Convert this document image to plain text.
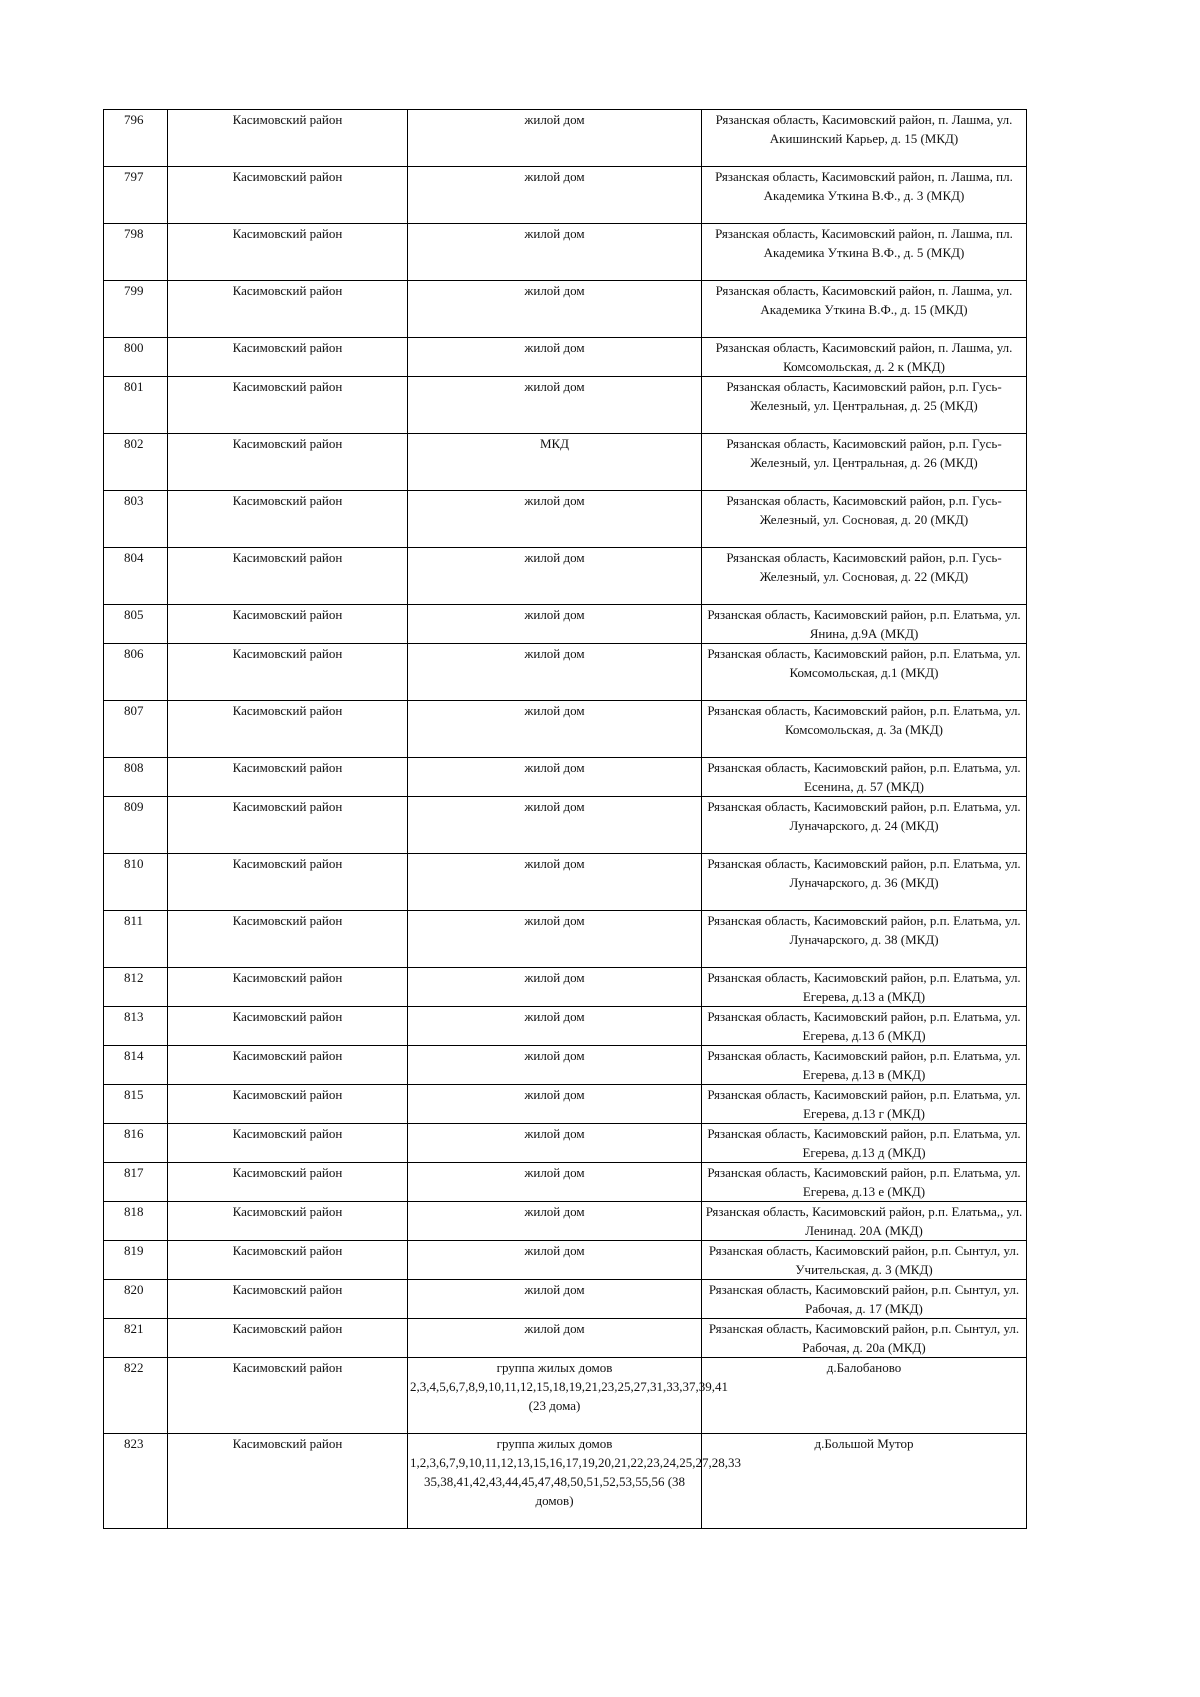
796	Касимовский район	жилой дом	Рязанская область, Касимовский район, п. Лашма, ул. Акишинский Карьер, д. 15 (МКД)
797	Касимовский район	жилой дом	Рязанская область, Касимовский район, п. Лашма, пл. Академика Уткина В.Ф., д. 3 (МКД)
798	Касимовский район	жилой дом	Рязанская область, Касимовский район, п. Лашма, пл. Академика Уткина В.Ф., д. 5 (МКД)
799	Касимовский район	жилой дом	Рязанская область, Касимовский район, п. Лашма, ул. Академика Уткина В.Ф., д. 15 (МКД)
800	Касимовский район	жилой дом	Рязанская область, Касимовский район, п. Лашма, ул. Комсомольская, д. 2 к (МКД)
801	Касимовский район	жилой дом	Рязанская область, Касимовский район, р.п. Гусь-Железный, ул. Центральная, д. 25 (МКД)
802	Касимовский район	МКД	Рязанская область, Касимовский район, р.п. Гусь-Железный, ул. Центральная, д. 26 (МКД)
803	Касимовский район	жилой дом	Рязанская область, Касимовский район, р.п. Гусь-Железный, ул. Сосновая, д. 20 (МКД)
804	Касимовский район	жилой дом	Рязанская область, Касимовский район, р.п. Гусь-Железный, ул. Сосновая, д. 22 (МКД)
805	Касимовский район	жилой дом	Рязанская область, Касимовский район, р.п. Елатьма, ул. Янина, д.9А (МКД)
806	Касимовский район	жилой дом	Рязанская область, Касимовский район, р.п. Елатьма, ул. Комсомольская, д.1 (МКД)
807	Касимовский район	жилой дом	Рязанская область, Касимовский район, р.п. Елатьма, ул. Комсомольская, д. 3а (МКД)
808	Касимовский район	жилой дом	Рязанская область, Касимовский район, р.п. Елатьма, ул. Есенина, д. 57 (МКД)
809	Касимовский район	жилой дом	Рязанская область, Касимовский район, р.п. Елатьма, ул. Луначарского, д. 24 (МКД)
810	Касимовский район	жилой дом	Рязанская область, Касимовский район, р.п. Елатьма, ул. Луначарского, д. 36 (МКД)
811	Касимовский район	жилой дом	Рязанская область, Касимовский район, р.п. Елатьма, ул. Луначарского, д. 38 (МКД)
812	Касимовский район	жилой дом	Рязанская область, Касимовский район, р.п. Елатьма, ул. Егерева, д.13 а (МКД)
813	Касимовский район	жилой дом	Рязанская область, Касимовский район, р.п. Елатьма, ул. Егерева, д.13 б (МКД)
814	Касимовский район	жилой дом	Рязанская область, Касимовский район, р.п. Елатьма, ул. Егерева, д.13 в (МКД)
815	Касимовский район	жилой дом	Рязанская область, Касимовский район, р.п. Елатьма, ул. Егерева, д.13 г (МКД)
816	Касимовский район	жилой дом	Рязанская область, Касимовский район, р.п. Елатьма, ул. Егерева, д.13 д (МКД)
817	Касимовский район	жилой дом	Рязанская область, Касимовский район, р.п. Елатьма, ул. Егерева, д.13 е (МКД)
818	Касимовский район	жилой дом	Рязанская область, Касимовский район, р.п. Елатьма,, ул. Ленинад. 20А (МКД)
819	Касимовский район	жилой дом	Рязанская область, Касимовский район, р.п. Сынтул, ул. Учительская, д. 3 (МКД)
820	Касимовский район	жилой дом	Рязанская область, Касимовский район, р.п. Сынтул, ул. Рабочая, д. 17 (МКД)
821	Касимовский район	жилой дом	Рязанская область, Касимовский район, р.п. Сынтул, ул. Рабочая, д. 20а (МКД)
822	Касимовский район	группа жилых домов 2,3,4,5,6,7,8,9,10,11,12,15,18,19,21,23,25,27,31,33,37,39,41 (23 дома)	д.Балобаново
823	Касимовский район	группа жилых домов 1,2,3,6,7,9,10,11,12,13,15,16,17,19,20,21,22,23,24,25,27,28,33 35,38,41,42,43,44,45,47,48,50,51,52,53,55,56 (38 домов)	д.Большой Мутор
